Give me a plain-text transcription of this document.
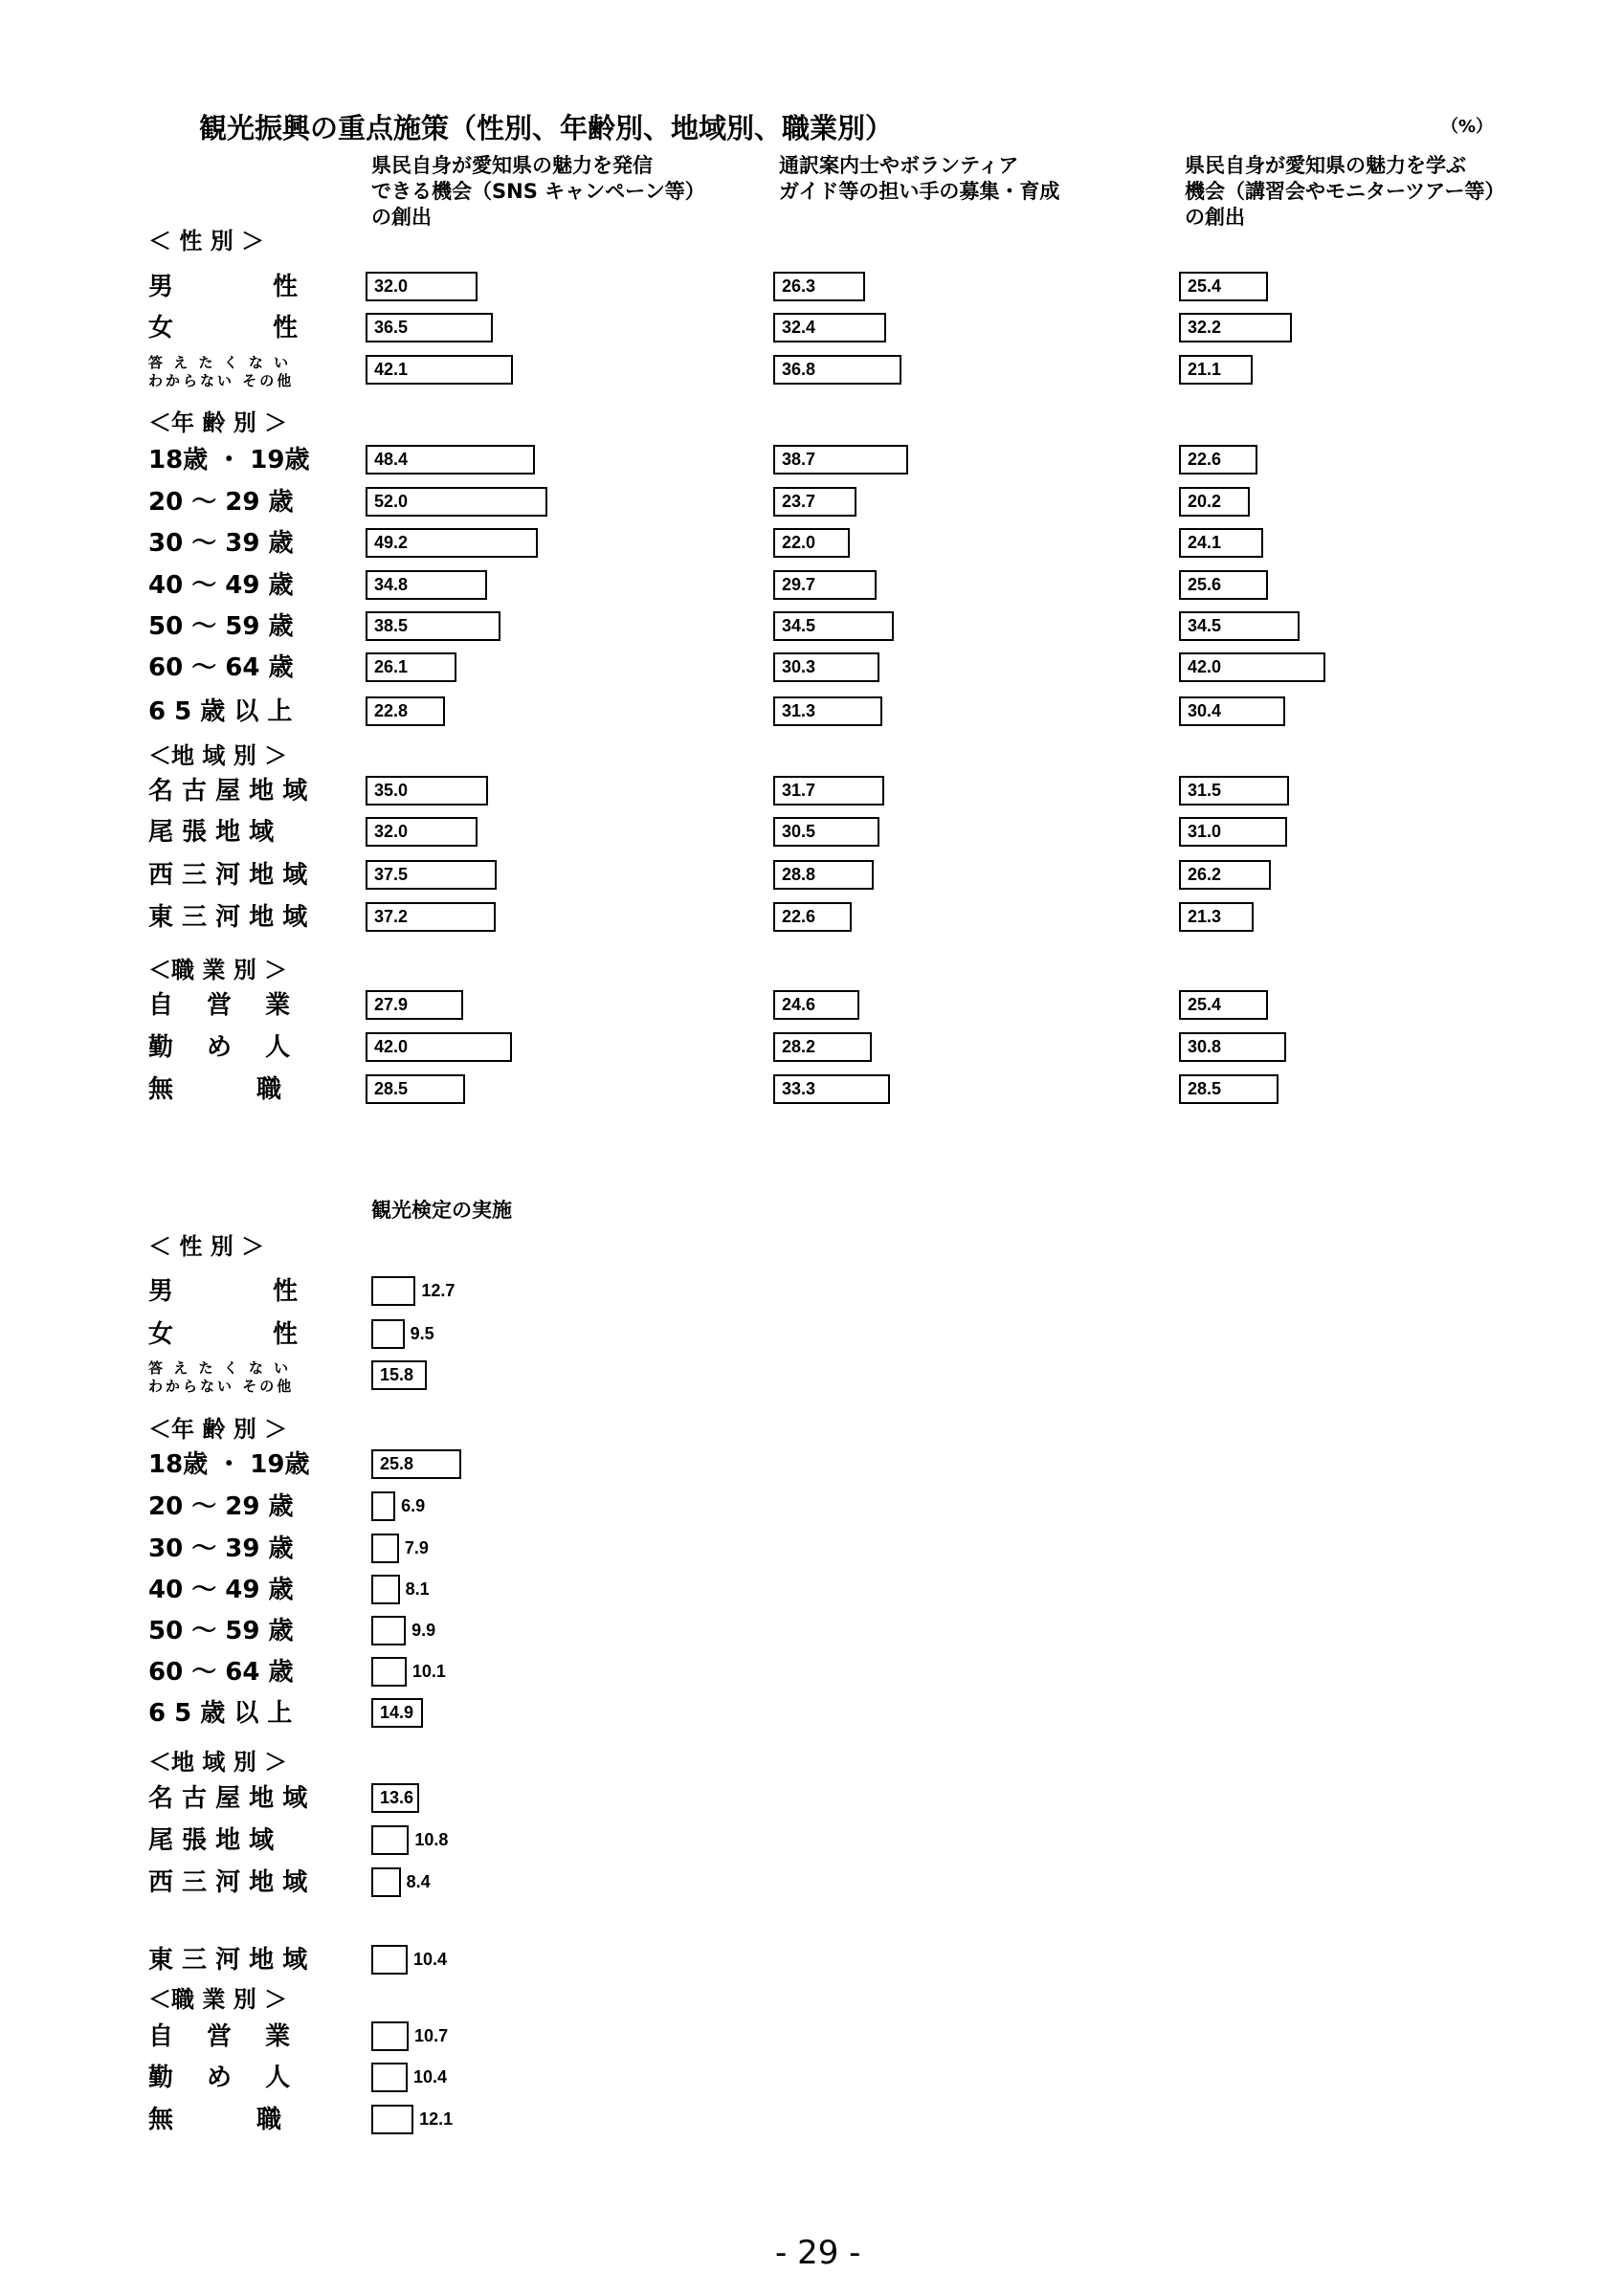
観光振興の重点施策（性別、年齢別、地域別、職業別）	（%）
＜ 性 別 ＞
男　　　　性
女　　　　性
答 え た く な い
わからない その他
＜年 齢 別 ＞
18歳 ・ 19歳
20 ～ 29 歳
30 ～ 39 歳
40 ～ 49 歳
50 ～ 59 歳
60 ～ 64 歳
6 5 歳 以 上
＜地 域 別 ＞
名 古 屋 地 域
尾 張 地 域
西 三 河 地 域
東 三 河 地 域
＜職 業 別 ＞
自　 営 　業
勤　 め 　人
無　　　 職
＜ 性 別 ＞
男　　　　性
女　　　　性
答 え た く な い
わからない その他
＜年 齢 別 ＞
18歳 ・ 19歳
20 ～ 29 歳
30 ～ 39 歳
40 ～ 49 歳
50 ～ 59 歳
60 ～ 64 歳
6 5 歳 以 上
＜地 域 別 ＞
名 古 屋 地 域
尾 張 地 域
西 三 河 地 域
東 三 河 地 域
＜職 業 別 ＞
自　 営 　業
勤　 め 　人
無　　　 職
県民自身が愛知県の魅力を発信
できる機会（SNS キャンペーン等）
の創出
32.0
36.5
42.1
48.4
52.0
49.2
34.8
38.5
26.1
22.8
35.0
32.0
37.5
37.2
27.9
42.0
28.5
通訳案内士やボランティア
ガイド等の担い手の募集・育成
26.3
32.4
36.8
38.7
23.7
22.0
29.7
34.5
30.3
31.3
31.7
30.5
28.8
22.6
24.6
28.2
33.3
県民自身が愛知県の魅力を学ぶ
機会（講習会やモニターツアー等）
の創出
25.4
32.2
21.1
22.6
20.2
24.1
25.6
34.5
42.0
30.4
31.5
31.0
26.2
21.3
25.4
30.8
28.5
観光検定の実施
12.7
9.5
15.8
25.8
6.9
7.9
8.1
9.9
10.1
14.9
13.6
10.8
8.4
10.4
10.7
10.4
12.1
- 29 -
